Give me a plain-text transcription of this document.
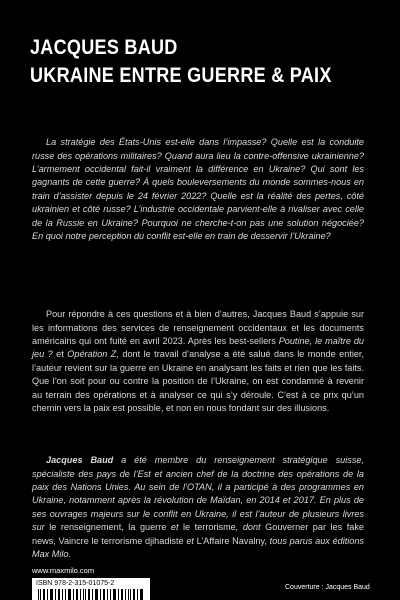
JACQUES BAUD
UKRAINE ENTRE GUERRE & PAIX

La stratégie des États-Unis est-elle dans l’impasse? Quelle est la conduite russe des opérations militaires? Quand aura lieu la contre-offensive ukrainienne? L’armement occidental fait-il vraiment la différence en Ukraine? Qui sont les gagnants de cette guerre? À quels bouleversements du monde sommes-nous en train d’assister depuis le 24 février 2022? Quelle est la réalité des pertes, côté ukrainien et côté russe? L’industrie occidentale parvient-elle à rivaliser avec celle de la Russie en Ukraine? Pourquoi ne cherche-t-on pas une solution négociée? En quoi notre perception du conflit est-elle en train de desservir l’Ukraine?

Pour répondre à ces questions et à bien d’autres, Jacques Baud s’appuie sur les informations des services de renseignement occidentaux et les documents américains qui ont fuité en avril 2023. Après les best-sellers Poutine, le maître du jeu ? et Opération Z, dont le travail d’analyse a été salué dans le monde entier, l’auteur revient sur la guerre en Ukraine en analysant les faits et rien que les faits. Que l’on soit pour ou contre la position de l’Ukraine, on est condamné à revenir au terrain des opérations et à analyser ce qui s’y déroule. C’est à ce prix qu’un chemin vers la paix est possible, et non en nous fondant sur des illusions.

Jacques Baud a été membre du renseignement stratégique suisse, spécialiste des pays de l’Est et ancien chef de la doctrine des opérations de la paix des Nations Unies. Au sein de l’OTAN, il a participé à des programmes en Ukraine, notamment après la révolution de Maïdan, en 2014 et 2017. En plus de ses ouvrages majeurs sur le conflit en Ukraine, il est l’auteur de plusieurs livres sur le renseignement, la guerre et le terrorisme, dont Gouverner par les fake news, Vaincre le terrorisme djihadiste et L’Affaire Navalny, tous parus aux éditions Max Milo.

www.maxmilo.com
ISBN 978-2-315-01075-2
Couverture : Jacques Baud
